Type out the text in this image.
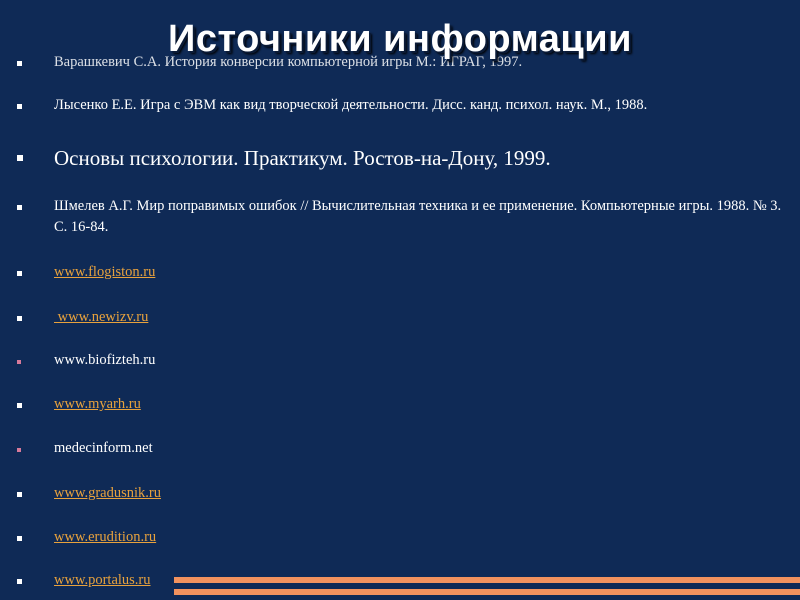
Источники информации
Варашкевич С.А. История конверсии компьютерной игры М.: ИГРАГ, 1997.
Лысенко Е.Е. Игра с ЭВМ как вид творческой деятельности. Дисс. канд. психол. наук. М., 1988.
Основы психологии. Практикум. Ростов-на-Дону, 1999.
Шмелев А.Г. Мир поправимых ошибок // Вычислительная техника и ее применение. Компьютерные игры. 1988. № 3. С. 16-84.
www.flogiston.ru
www.newizv.ru
www.biofizteh.ru
www.myarh.ru
medecinform.net
www.gradusnik.ru
www.erudition.ru
www.portalus.ru
